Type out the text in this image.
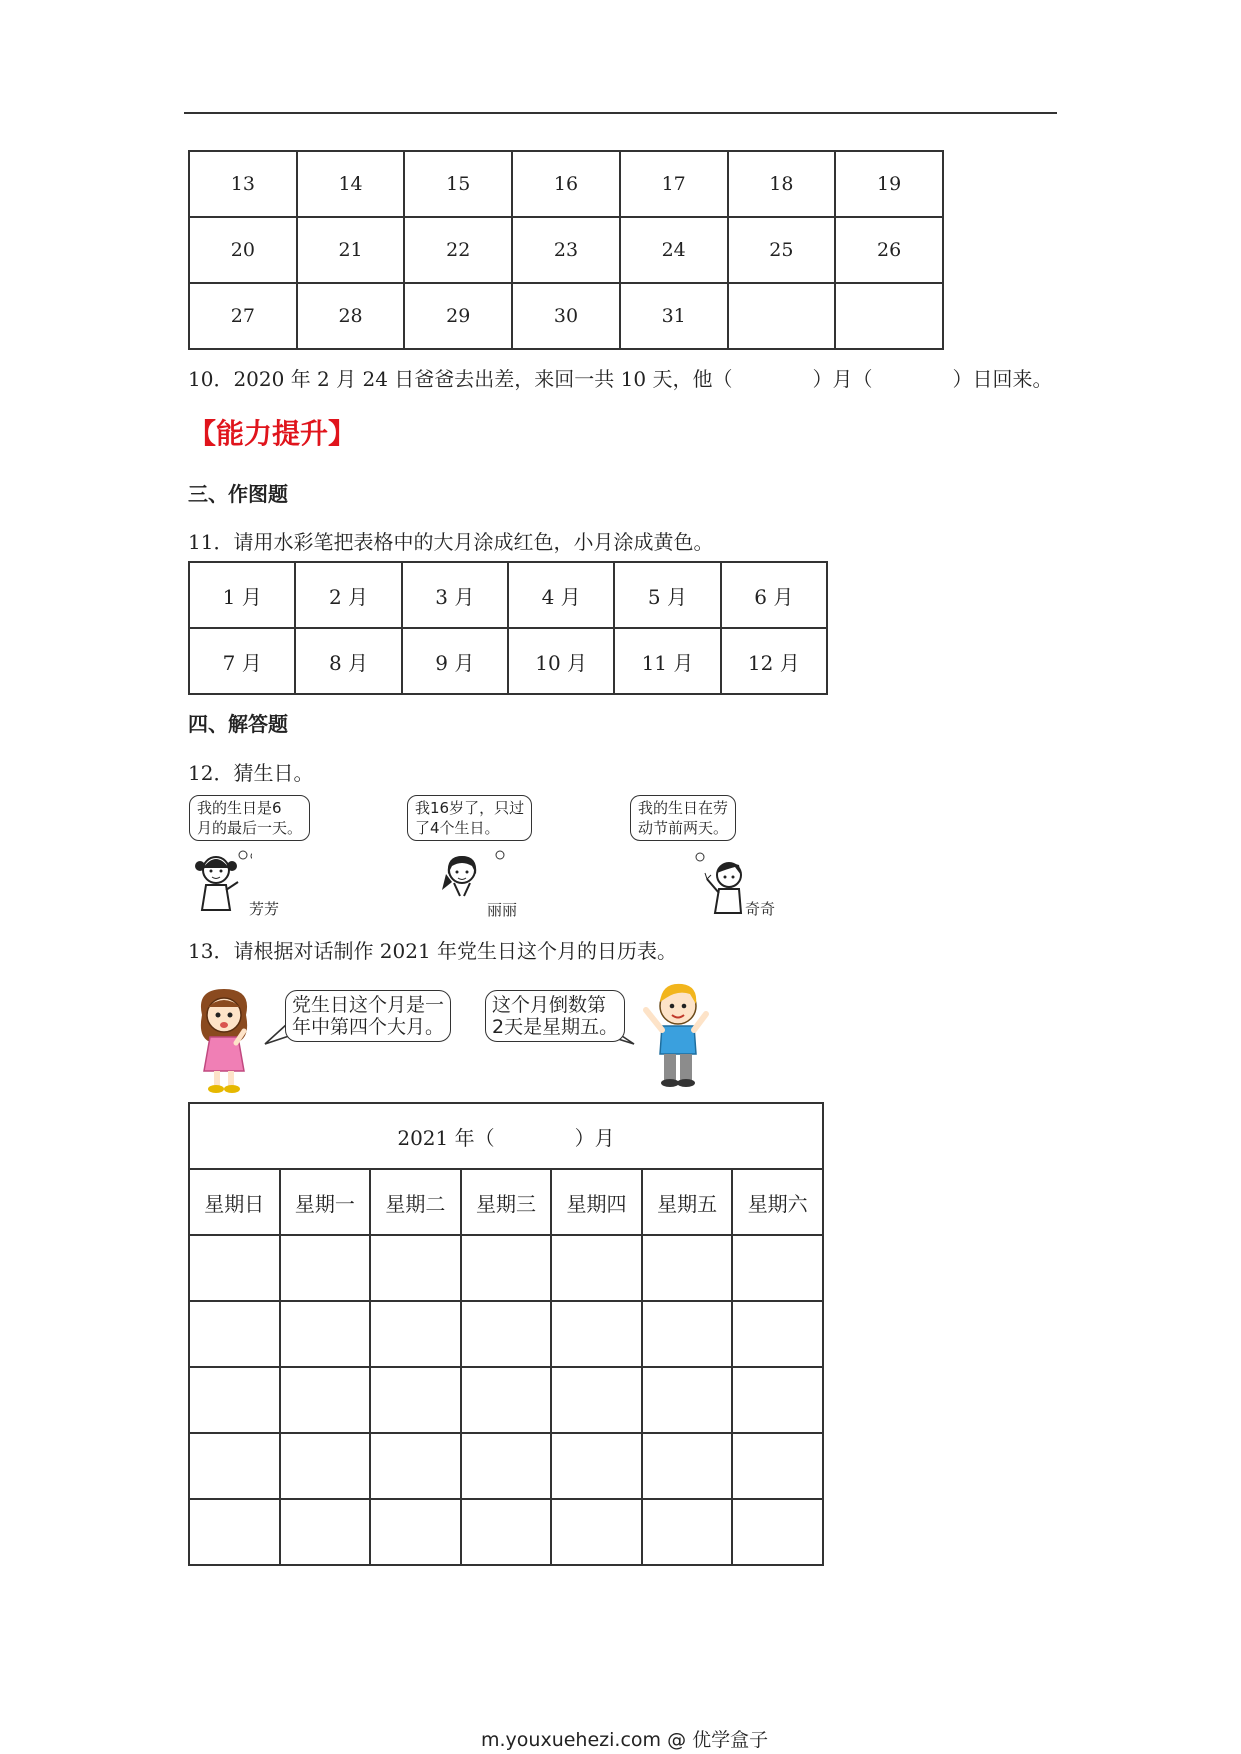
13	14	15	16	17	18	19
20	21	22	23	24	25	26
27	28	29	30	31		
10．2020 年 2 月 24 日爸爸去出差，来回一共 10 天，他（　　　　）月（　　　　）日回来。
【能力提升】
三、作图题
11．请用水彩笔把表格中的大月涂成红色，小月涂成黄色。
1 月	2 月	3 月	4 月	5 月	6 月
7 月	8 月	9 月	10 月	11 月	12 月
四、解答题
12．猜生日。
我的生日是6
月的最后一天。
我16岁了，只过
了4个生日。
我的生日在劳
动节前两天。
芳芳	丽丽	奇奇
13．请根据对话制作 2021 年党生日这个月的日历表。
党生日这个月是一
年中第四个大月。
这个月倒数第
2天是星期五。
2021 年（　　　　）月						
星期日	星期一	星期二	星期三	星期四	星期五	星期六

m.youxuehezi.com @ 优学盒子
